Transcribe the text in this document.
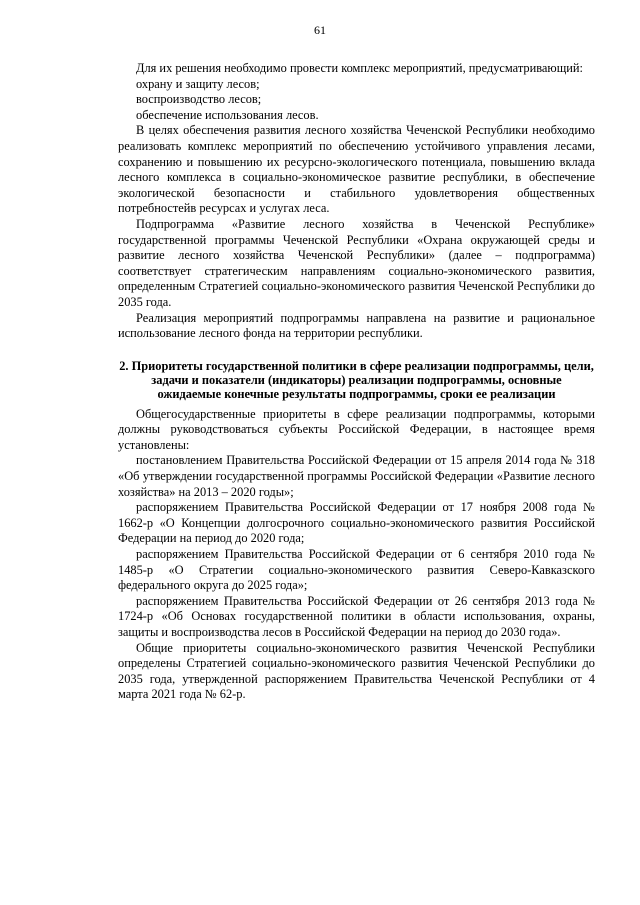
61

Для их решения необходимо провести комплекс мероприятий, предусматривающий:

охрану и защиту лесов;

воспроизводство лесов;

обеспечение использования лесов.

В целях обеспечения развития лесного хозяйства Чеченской Республики необходимо реализовать комплекс мероприятий по обеспечению устойчивого управления лесами, сохранению и повышению их ресурсно-экологического потенциала, повышению вклада лесного комплекса в социально-экономическое развитие республики, в обеспечение экологической безопасности и стабильного удовлетворения общественных потребностейв ресурсах и услугах леса.

Подпрограмма «Развитие лесного хозяйства в Чеченской Республике» государственной программы Чеченской Республики «Охрана окружающей среды и развитие лесного хозяйства Чеченской Республики» (далее – подпрограмма) соответствует стратегическим направлениям социально-экономического развития, определенным Стратегией социально-экономического развития Чеченской Республики до 2035 года.

Реализация мероприятий подпрограммы направлена на развитие и рациональное использование лесного фонда на территории республики.

2. Приоритеты государственной политики в сфере реализации подпрограммы, цели, задачи и показатели (индикаторы) реализации подпрограммы, основные ожидаемые конечные результаты подпрограммы, сроки ее реализации

Общегосударственные приоритеты в сфере реализации подпрограммы, которыми должны руководствоваться субъекты Российской Федерации, в настоящее время установлены:

постановлением Правительства Российской Федерации от 15 апреля 2014 года № 318 «Об утверждении государственной программы Российской Федерации «Развитие лесного хозяйства» на 2013 – 2020 годы»;

распоряжением Правительства Российской Федерации от 17 ноября 2008 года № 1662-р «О Концепции долгосрочного социально-экономического развития Российской Федерации на период до 2020 года;

распоряжением Правительства Российской Федерации от 6 сентября 2010 года № 1485-р «О Стратегии социально-экономического развития Северо-Кавказского федерального округа до 2025 года»;

распоряжением Правительства Российской Федерации от 26 сентября 2013 года № 1724-р «Об Основах государственной политики в области использования, охраны, защиты и воспроизводства лесов в Российской Федерации на период до 2030 года».

Общие приоритеты социально-экономического развития Чеченской Республики определены Стратегией социально-экономического развития Чеченской Республики до 2035 года, утвержденной распоряжением Правительства Чеченской Республики от 4 марта 2021 года № 62-р.
